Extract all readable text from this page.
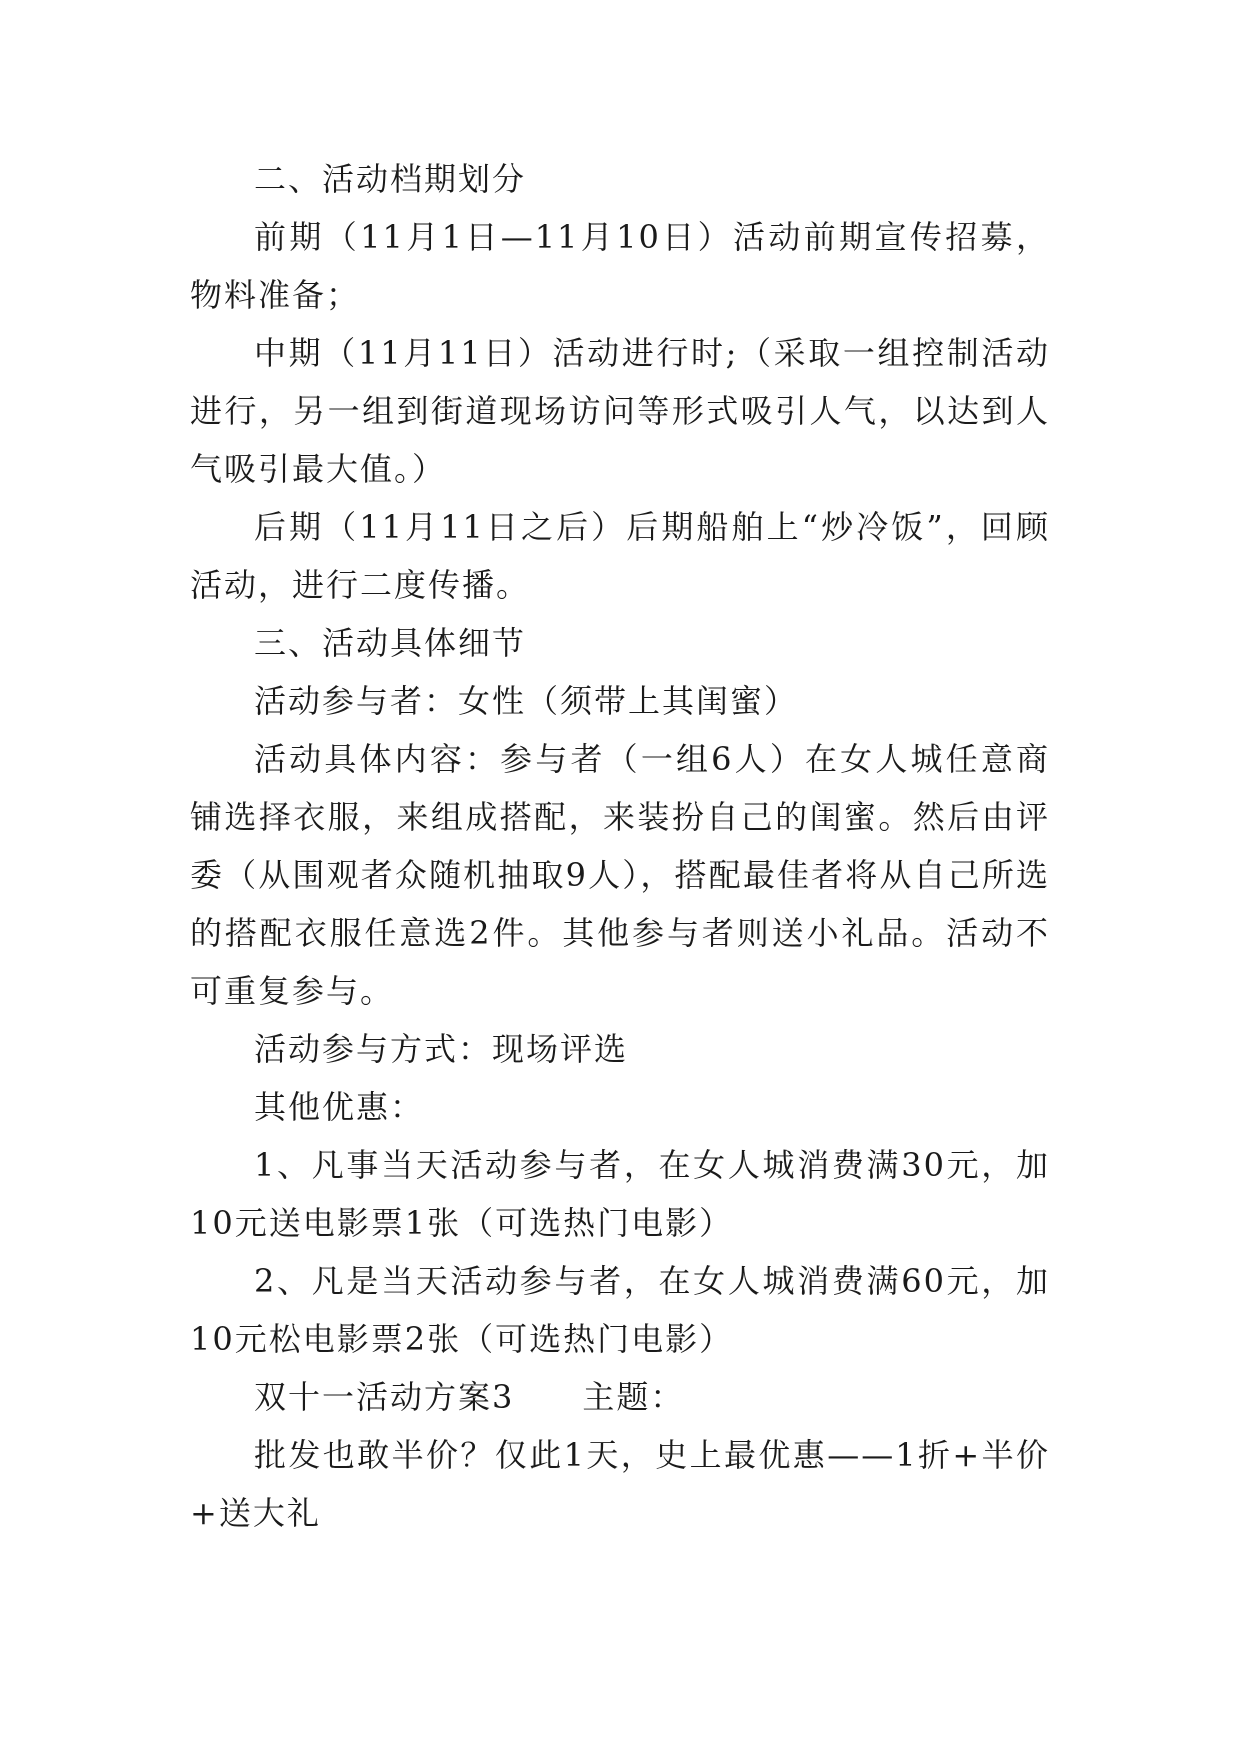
二、活动档期划分

前期（11月1日—11月10日）活动前期宣传招募，物料准备；

中期（11月11日）活动进行时;（采取一组控制活动进行，另一组到街道现场访问等形式吸引人气，以达到人气吸引最大值。）

后期（11月11日之后）后期船舶上“炒冷饭”，回顾活动，进行二度传播。

三、活动具体细节

活动参与者：女性（须带上其闺蜜）

活动具体内容：参与者（一组6人）在女人城任意商铺选择衣服，来组成搭配，来装扮自己的闺蜜。然后由评委（从围观者众随机抽取9人），搭配最佳者将从自己所选的搭配衣服任意选2件。其他参与者则送小礼品。活动不可重复参与。

活动参与方式：现场评选

其他优惠：

1、凡事当天活动参与者，在女人城消费满30元，加10元送电影票1张（可选热门电影）

2、凡是当天活动参与者，在女人城消费满60元，加10元松电影票2张（可选热门电影）

双十一活动方案3　　主题：

批发也敢半价？仅此1天，史上最优惠——1折+半价+送大礼
